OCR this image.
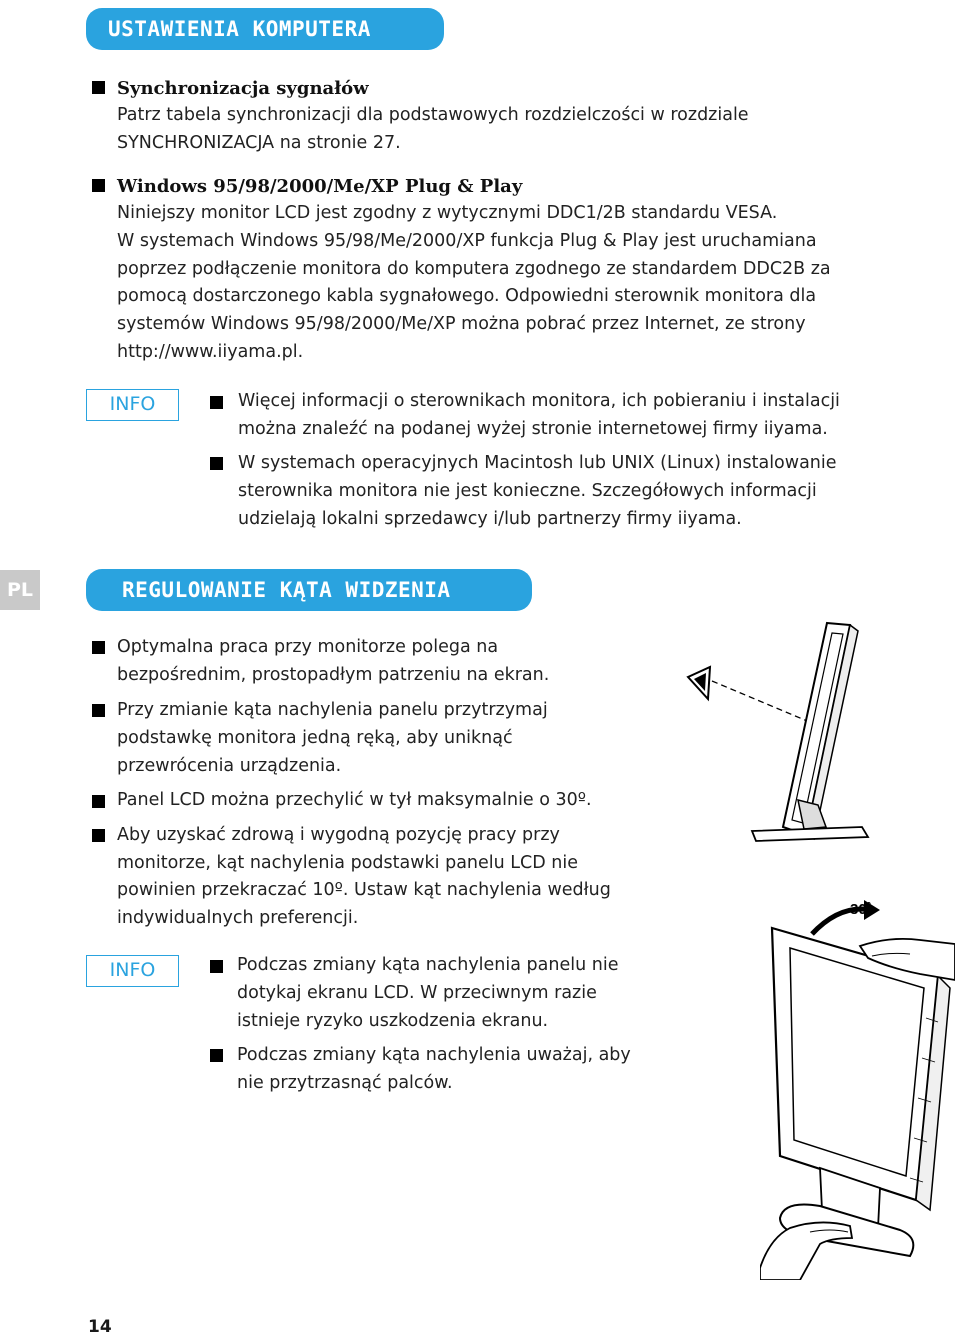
USTAWIENIA KOMPUTERA
Synchronizacja sygnałów
Patrz tabela synchronizacji dla podstawowych rozdzielczości w rozdziale
SYNCHRONIZACJA na stronie 27.
Windows 95/98/2000/Me/XP Plug & Play
Niniejszy monitor LCD jest zgodny z wytycznymi DDC1/2B standardu VESA.
W systemach Windows 95/98/Me/2000/XP funkcja Plug & Play jest uruchamiana
poprzez podłączenie monitora do komputera zgodnego ze standardem DDC2B za
pomocą dostarczonego kabla sygnałowego. Odpowiedni sterownik monitora dla
systemów Windows 95/98/2000/Me/XP można pobrać przez Internet, ze strony
http://www.iiyama.pl.
INFO	Więcej informacji o sterownikach monitora, ich pobieraniu i instalacji
można znaleźć na podanej wyżej stronie internetowej firmy iiyama.
W systemach operacyjnych Macintosh lub UNIX (Linux) instalowanie
sterownika monitora nie jest konieczne. Szczegółowych informacji
udzielają lokalni sprzedawcy i/lub partnerzy firmy iiyama.
PL	REGULOWANIE KĄTA WIDZENIA
Optymalna praca przy monitorze polega na
bezpośrednim, prostopadłym patrzeniu na ekran.
Przy zmianie kąta nachylenia panelu przytrzymaj
podstawkę monitora jedną ręką, aby uniknąć
przewrócenia urządzenia.
Panel LCD można przechylić w tył maksymalnie o 30º.
Aby uzyskać zdrową i wygodną pozycję pracy przy
monitorze, kąt nachylenia podstawki panelu LCD nie
powinien przekraczać 10º. Ustaw kąt nachylenia według
indywidualnych preferencji.
INFO	Podczas zmiany kąta nachylenia panelu nie
dotykaj ekranu LCD. W przeciwnym razie
istnieje ryzyko uszkodzenia ekranu.
Podczas zmiany kąta nachylenia uważaj, aby
nie przytrzasnąć palców.
30˚
14
